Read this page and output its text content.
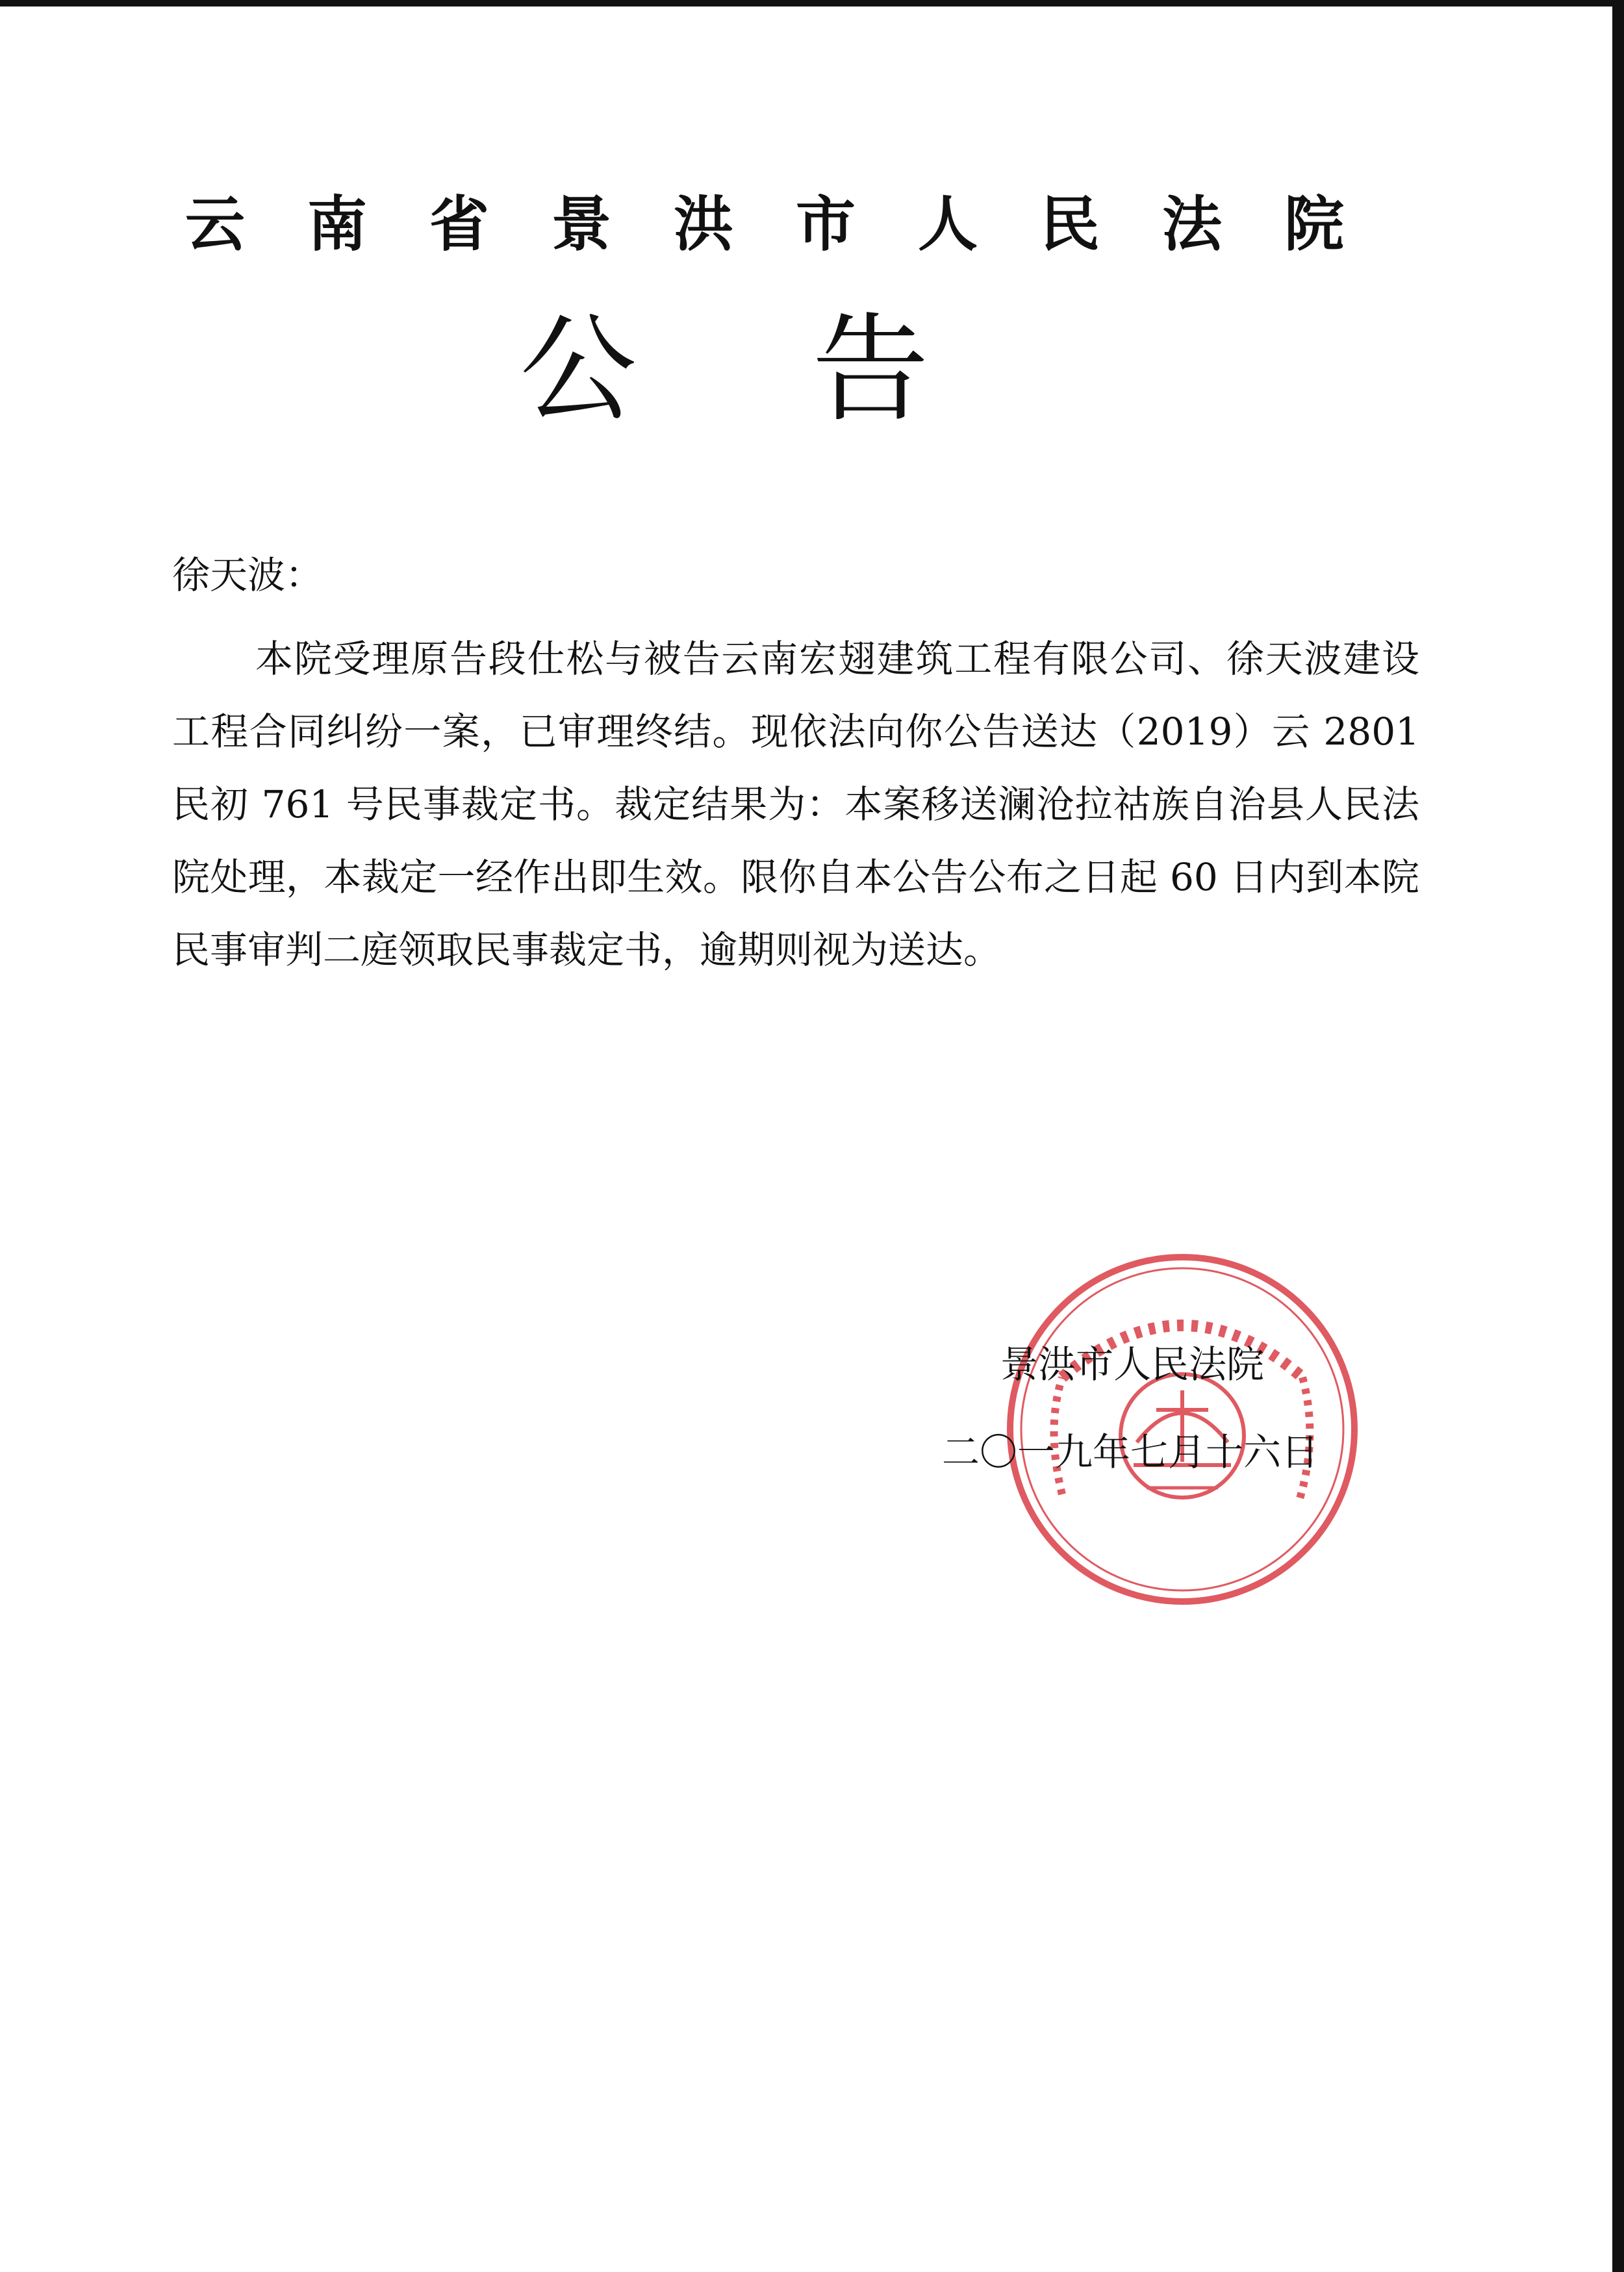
云南省景洪市人民法院
公告
徐天波：

本院受理原告段仕松与被告云南宏翅建筑工程有限公司、徐天波建设工程合同纠纷一案，已审理终结。现依法向你公告送达（2019）云 2801 民初 761 号民事裁定书。裁定结果为：本案移送澜沧拉祜族自治县人民法院处理，本裁定一经作出即生效。限你自本公告公布之日起 60 日内到本院民事审判二庭领取民事裁定书，逾期则视为送达。

景洪市人民法院
二〇一九年七月十六日
